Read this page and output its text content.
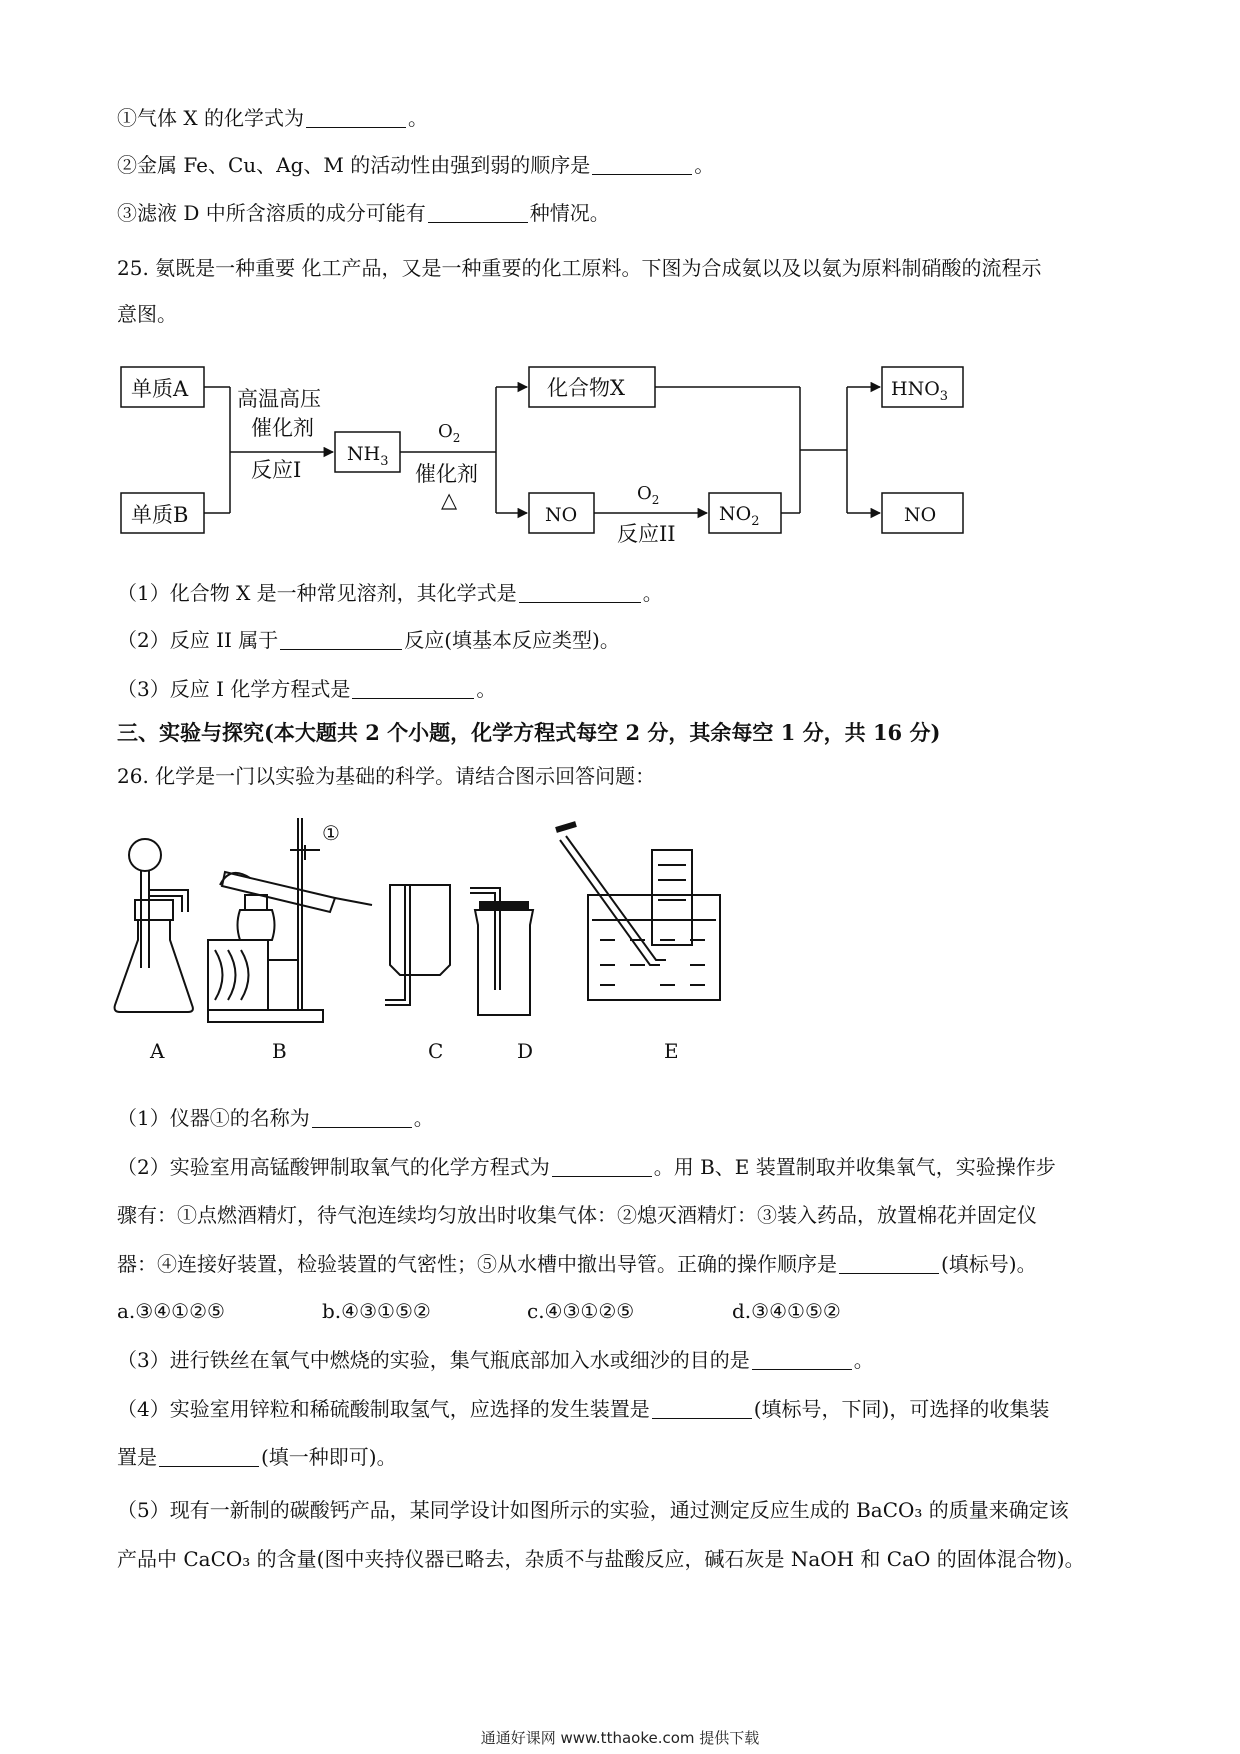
①气体 X 的化学式为	。
②金属 Fe、Cu、Ag、M 的活动性由强到弱的顺序是	。
③滤液 D 中所含溶质的成分可能有	种情况。
25. 氨既是一种重要 化工产品，又是一种重要的化工原料。下图为合成氨以及以氨为原料制硝酸的流程示
意图。
单质A
单质B
高温高压
催化剂
反应I
$NH_3$
$O_2$
催化剂
△
化合物X
NO
$O_2$
反应II
$NO_2$
$HNO_3$
NO
（1）化合物 X 是一种常见溶剂，其化学式是	。
（2）反应 II 属于	反应(填基本反应类型)。
（3）反应 I 化学方程式是	。
三、实验与探究(本大题共 2 个小题，化学方程式每空 2 分，其余每空 1 分，共 16 分)
26. 化学是一门以实验为基础的科学。请结合图示回答问题：
①
A	B	C	D	E
（1）仪器①的名称为	。
（2）实验室用高锰酸钾制取氧气的化学方程式为	。用 B、E 装置制取并收集氧气，实验操作步
骤有：①点燃酒精灯，待气泡连续均匀放出时收集气体：②熄灭酒精灯：③装入药品，放置棉花并固定仪
器：④连接好装置，检验装置的气密性；⑤从水槽中撤出导管。正确的操作顺序是	(填标号)。
a.③④①②⑤	b.④③①⑤②	c.④③①②⑤	d.③④①⑤②
（3）进行铁丝在氧气中燃烧的实验，集气瓶底部加入水或细沙的目的是	。
（4）实验室用锌粒和稀硫酸制取氢气，应选择的发生装置是	(填标号，下同)，可选择的收集装
置是	(填一种即可)。
（5）现有一新制的碳酸钙产品，某同学设计如图所示的实验，通过测定反应生成的 BaCO₃ 的质量来确定该
产品中 CaCO₃ 的含量(图中夹持仪器已略去，杂质不与盐酸反应，碱石灰是 NaOH 和 CaO 的固体混合物)。
通通好课网 www.tthaoke.com 提供下载
